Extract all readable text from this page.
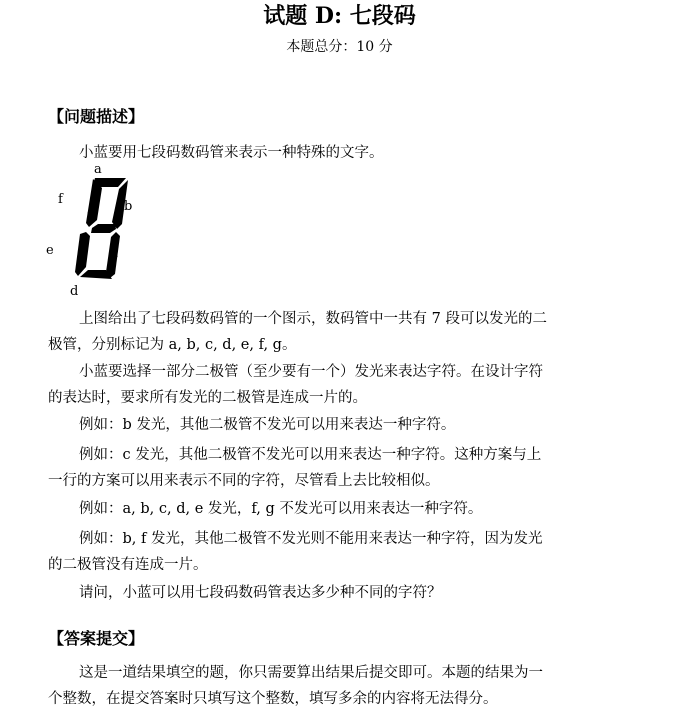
试题 D: 七段码
本题总分：10 分
【问题描述】
小蓝要用七段码数码管来表示一种特殊的文字。
a
f
g b
e	c
d
上图给出了七段码数码管的一个图示，数码管中一共有 7 段可以发光的二
极管，分别标记为 a, b, c, d, e, f, g。
小蓝要选择一部分二极管（至少要有一个）发光来表达字符。在设计字符
的表达时，要求所有发光的二极管是连成一片的。
例如：b 发光，其他二极管不发光可以用来表达一种字符。
例如：c 发光，其他二极管不发光可以用来表达一种字符。这种方案与上
一行的方案可以用来表示不同的字符，尽管看上去比较相似。
例如：a, b, c, d, e 发光，f, g 不发光可以用来表达一种字符。
例如：b, f 发光，其他二极管不发光则不能用来表达一种字符，因为发光
的二极管没有连成一片。
请问，小蓝可以用七段码数码管表达多少种不同的字符？
【答案提交】
这是一道结果填空的题，你只需要算出结果后提交即可。本题的结果为一
个整数，在提交答案时只填写这个整数，填写多余的内容将无法得分。
